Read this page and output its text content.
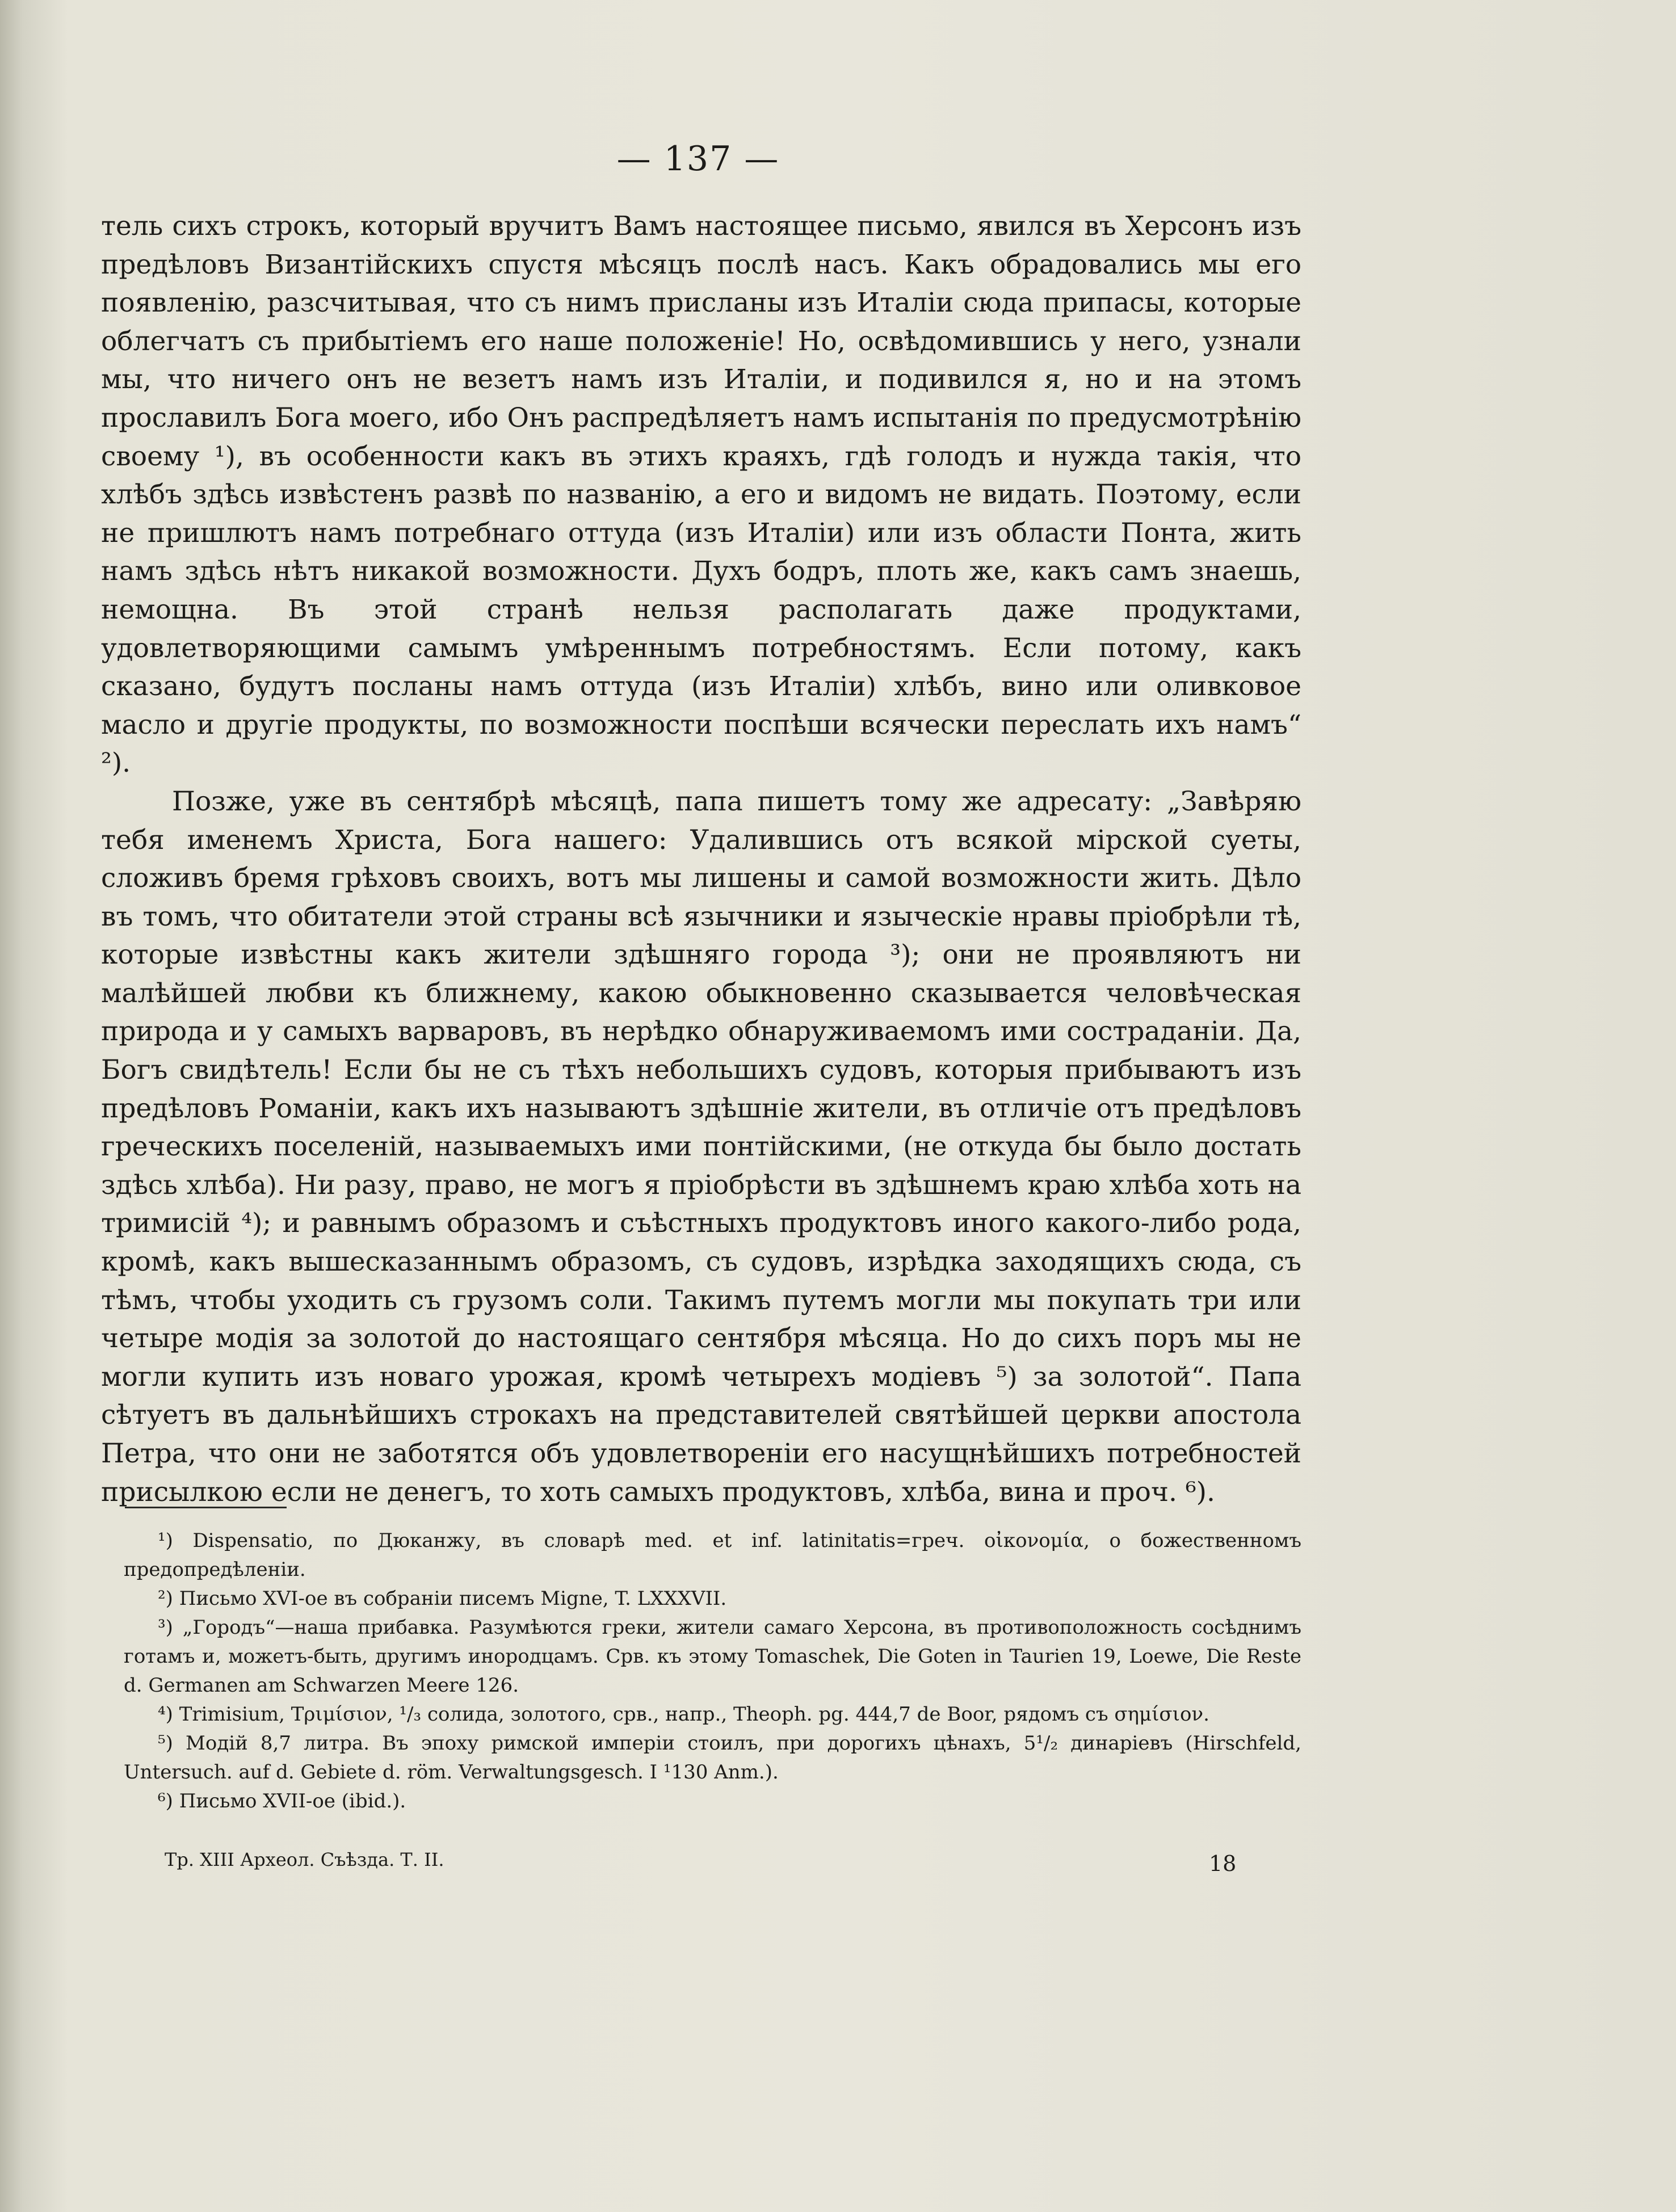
— 137 —

тель сихъ строкъ, который вручитъ Вамъ настоящее письмо, явился въ Херсонъ изъ предѣловъ Византійскихъ спустя мѣсяцъ послѣ насъ. Какъ обрадовались мы его появленію, разсчитывая, что съ нимъ присланы изъ Италіи сюда припасы, которые облегчатъ съ прибытіемъ его наше положеніе! Но, освѣдомившись у него, узнали мы, что ничего онъ не везетъ намъ изъ Италіи, и подивился я, но и на этомъ прославилъ Бога моего, ибо Онъ распредѣляетъ намъ испытанія по предусмотрѣнію своему ¹), въ особенности какъ въ этихъ краяхъ, гдѣ голодъ и нужда такія, что хлѣбъ здѣсь извѣстенъ развѣ по названію, а его и видомъ не видать. Поэтому, если не пришлютъ намъ потребнаго оттуда (изъ Италіи) или изъ области Понта, жить намъ здѣсь нѣтъ никакой возможности. Духъ бодръ, плоть же, какъ самъ знаешь, немощна. Въ этой странѣ нельзя располагать даже продуктами, удовлетворяющими самымъ умѣреннымъ потребностямъ. Если потому, какъ сказано, будутъ посланы намъ оттуда (изъ Италіи) хлѣбъ, вино или оливковое масло и другіе продукты, по возможности поспѣши всячески переслать ихъ намъ“ ²).

Позже, уже въ сентябрѣ мѣсяцѣ, папа пишетъ тому же адресату: „Завѣряю тебя именемъ Христа, Бога нашего: Удалившись отъ всякой мірской суеты, сложивъ бремя грѣховъ своихъ, вотъ мы лишены и самой возможности жить. Дѣло въ томъ, что обитатели этой страны всѣ язычники и языческіе нравы пріобрѣли тѣ, которые извѣстны какъ жители здѣшняго города ³); они не проявляютъ ни малѣйшей любви къ ближнему, какою обыкновенно сказывается человѣческая природа и у самыхъ варваровъ, въ нерѣдко обнаруживаемомъ ими состраданіи. Да, Богъ свидѣтель! Если бы не съ тѣхъ небольшихъ судовъ, которыя прибываютъ изъ предѣловъ Романіи, какъ ихъ называютъ здѣшніе жители, въ отличіе отъ предѣловъ греческихъ поселеній, называемыхъ ими понтійскими, (не откуда бы было достать здѣсь хлѣба). Ни разу, право, не могъ я пріобрѣсти въ здѣшнемъ краю хлѣба хоть на тримисій ⁴); и равнымъ образомъ и съѣстныхъ продуктовъ иного какого-либо рода, кромѣ, какъ вышесказаннымъ образомъ, съ судовъ, изрѣдка заходящихъ сюда, съ тѣмъ, чтобы уходить съ грузомъ соли. Такимъ путемъ могли мы покупать три или четыре модія за золотой до настоящаго сентября мѣсяца. Но до сихъ поръ мы не могли купить изъ новаго урожая, кромѣ четырехъ модіевъ ⁵) за золотой“. Папа сѣтуетъ въ дальнѣйшихъ строкахъ на представителей святѣйшей церкви апостола Петра, что они не заботятся объ удовлетвореніи его насущнѣйшихъ потребностей присылкою если не денегъ, то хоть самыхъ продуктовъ, хлѣба, вина и проч. ⁶).

¹) Dispensatio, по Дюканжу, въ словарѣ med. et inf. latinitatis=греч. οἰκονομία, о божественномъ предопредѣленіи.

²) Письмо XVI-ое въ собраніи писемъ Migne, T. LXXXVII.

³) „Городъ“—наша прибавка. Разумѣются греки, жители самаго Херсона, въ противоположность сосѣднимъ готамъ и, можетъ-быть, другимъ инородцамъ. Срв. къ этому Tomaschek, Die Goten in Taurien 19, Loewe, Die Reste d. Germanen am Schwarzen Meere 126.

⁴) Trimisium, Τριμίσιον, ¹/₃ солида, золотого, срв., напр., Theoph. pg. 444,7 de Boor, рядомъ съ σημίσιον.

⁵) Модій 8,7 литра. Въ эпоху римской имперіи стоилъ, при дорогихъ цѣнахъ, 5¹/₂ динаріевъ (Hirschfeld, Untersuch. auf d. Gebiete d. röm. Verwaltungsgesch. I ¹130 Anm.).

⁶) Письмо XVII-ое (ibid.).

Тр. XIII Археол. Съѣзда. Т. II.	18
